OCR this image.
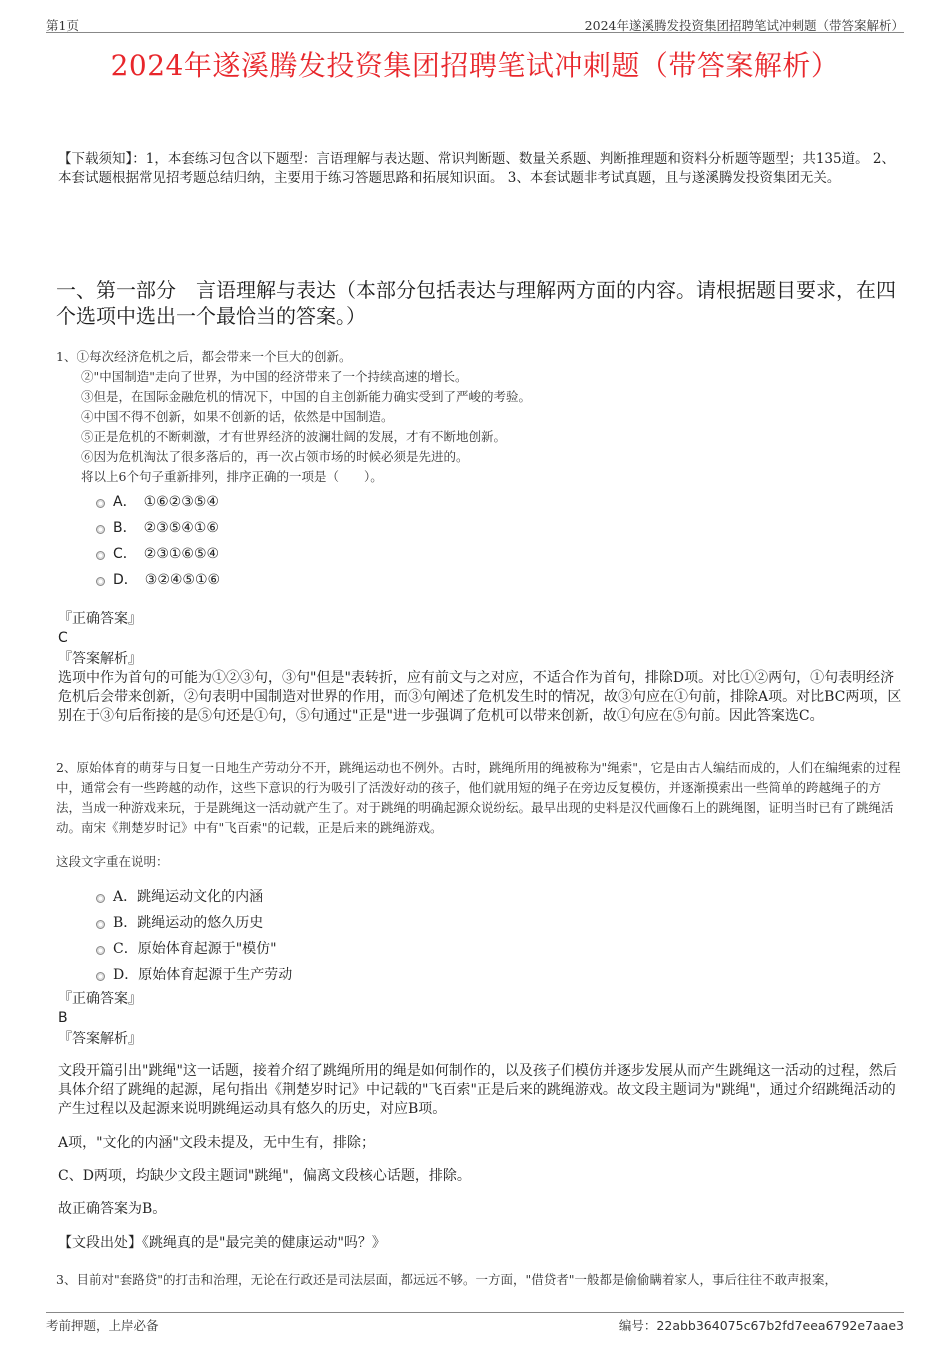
第1页	2024年遂溪腾发投资集团招聘笔试冲刺题（带答案解析）
2024年遂溪腾发投资集团招聘笔试冲刺题（带答案解析）
【下载须知】：1，本套练习包含以下题型：言语理解与表达题、常识判断题、数量关系题、判断推理题和资料分析题等题型；共135道。 2、本套试题根据常见招考题总结归纳，主要用于练习答题思路和拓展知识面。 3、本套试题非考试真题，且与遂溪腾发投资集团无关。
一、第一部分　言语理解与表达（本部分包括表达与理解两方面的内容。请根据题目要求，在四个选项中选出一个最恰当的答案。）
1、①每次经济危机之后，都会带来一个巨大的创新。
②"中国制造"走向了世界，为中国的经济带来了一个持续高速的增长。
③但是，在国际金融危机的情况下，中国的自主创新能力确实受到了严峻的考验。
④中国不得不创新，如果不创新的话，依然是中国制造。
⑤正是危机的不断刺激，才有世界经济的波澜壮阔的发展，才有不断地创新。
⑥因为危机淘汰了很多落后的，再一次占领市场的时候必须是先进的。
将以上6个句子重新排列，排序正确的一项是（　　）。
A．　①⑥②③⑤④
B．　②③⑤④①⑥
C．　②③①⑥⑤④
D．　③②④⑤①⑥
『正确答案』
C
『答案解析』
选项中作为首句的可能为①②③句，③句"但是"表转折，应有前文与之对应，不适合作为首句，排除D项。对比①②两句，①句表明经济危机后会带来创新，②句表明中国制造对世界的作用，而③句阐述了危机发生时的情况，故③句应在①句前，排除A项。对比BC两项，区别在于③句后衔接的是⑤句还是①句，⑤句通过"正是"进一步强调了危机可以带来创新，故①句应在⑤句前。因此答案选C。
2、原始体育的萌芽与日复一日地生产劳动分不开，跳绳运动也不例外。古时，跳绳所用的绳被称为"绳索"，它是由古人编结而成的，人们在编绳索的过程中，通常会有一些跨越的动作，这些下意识的行为吸引了活泼好动的孩子，他们就用短的绳子在旁边反复模仿，并逐渐摸索出一些简单的跨越绳子的方法，当成一种游戏来玩，于是跳绳这一活动就产生了。对于跳绳的明确起源众说纷纭。最早出现的史料是汉代画像石上的跳绳图，证明当时已有了跳绳活动。南宋《荆楚岁时记》中有"飞百索"的记载，正是后来的跳绳游戏。
这段文字重在说明：
A．跳绳运动文化的内涵
B．跳绳运动的悠久历史
C．原始体育起源于"模仿"
D．原始体育起源于生产劳动
『正确答案』
B
『答案解析』
文段开篇引出"跳绳"这一话题，接着介绍了跳绳所用的绳是如何制作的，以及孩子们模仿并逐步发展从而产生跳绳这一活动的过程，然后具体介绍了跳绳的起源，尾句指出《荆楚岁时记》中记载的"飞百索"正是后来的跳绳游戏。故文段主题词为"跳绳"，通过介绍跳绳活动的产生过程以及起源来说明跳绳运动具有悠久的历史，对应B项。
A项，"文化的内涵"文段未提及，无中生有，排除；
C、D两项，均缺少文段主题词"跳绳"，偏离文段核心话题，排除。
故正确答案为B。
【文段出处】《跳绳真的是"最完美的健康运动"吗？》
3、目前对"套路贷"的打击和治理，无论在行政还是司法层面，都远远不够。一方面，"借贷者"一般都是偷偷瞒着家人，事后往往不敢声报案，
考前押题，上岸必备	编号：22abb364075c67b2fd7eea6792e7aae3
